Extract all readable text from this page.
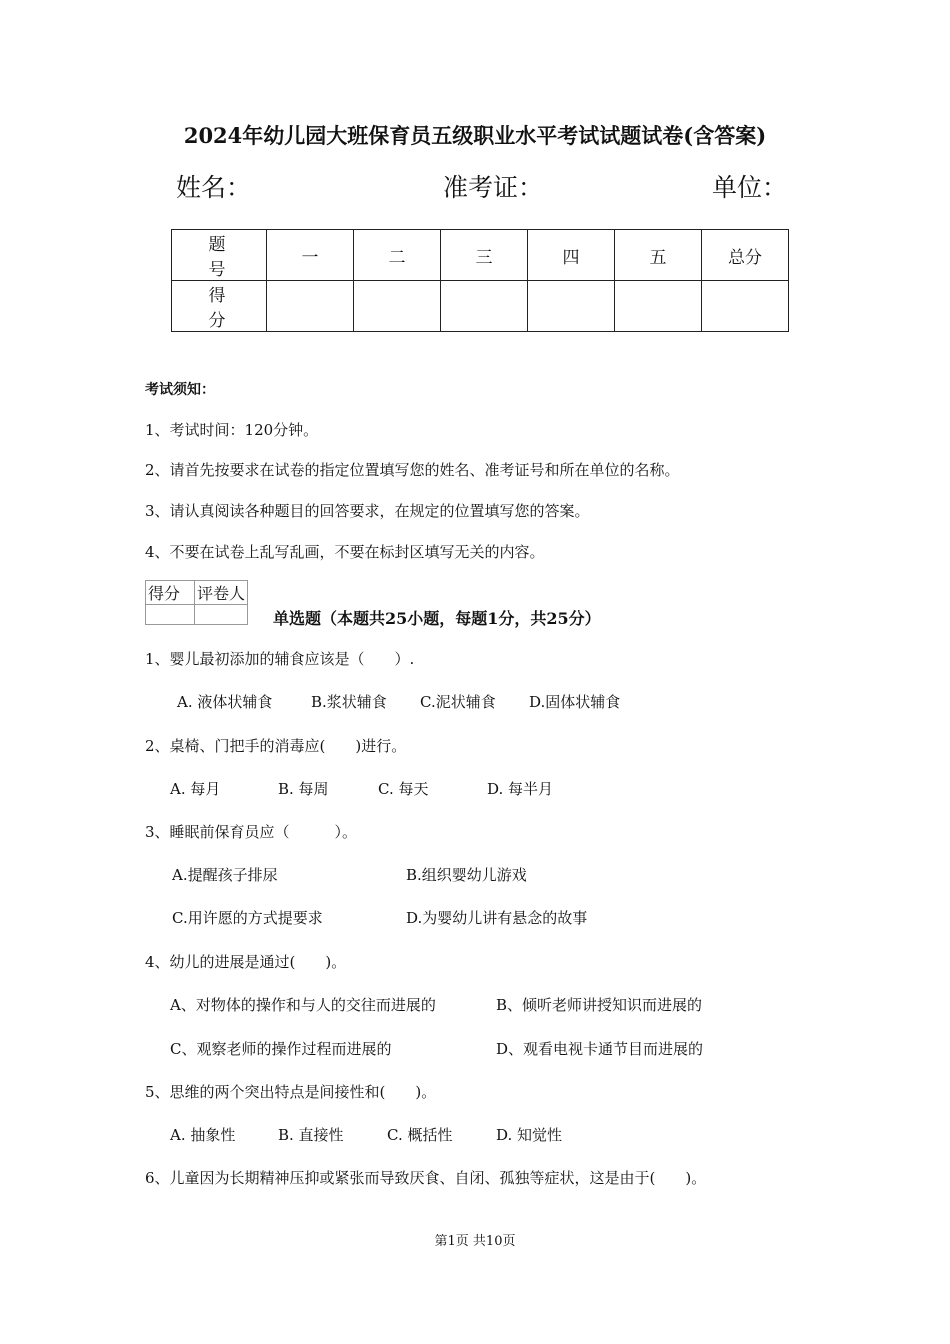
2024年幼儿园大班保育员五级职业水平考试试题试卷(含答案)
姓名：	准考证：	单位：
题　号	一	二	三	四	五	总分
得　分						
考试须知：
1、考试时间：120分钟。
2、请首先按要求在试卷的指定位置填写您的姓名、准考证号和所在单位的名称。
3、请认真阅读各种题目的回答要求，在规定的位置填写您的答案。
4、不要在试卷上乱写乱画，不要在标封区填写无关的内容。
得分	评卷人

单选题（本题共25小题，每题1分，共25分）
1、婴儿最初添加的辅食应该是（　　）.
A. 液体状辅食	B.浆状辅食 C.泥状辅食 D.固体状辅食
2、桌椅、门把手的消毒应(　　)进行。
A. 每月	B. 每周	C. 每天	D. 每半月
3、睡眠前保育员应（　　　）。
A.提醒孩子排尿	B.组织婴幼儿游戏
C.用许愿的方式提要求	D.为婴幼儿讲有悬念的故事
4、幼儿的进展是通过(　　)。
A、对物体的操作和与人的交往而进展的	B、倾听老师讲授知识而进展的
C、观察老师的操作过程而进展的	D、观看电视卡通节目而进展的
5、思维的两个突出特点是间接性和(　　)。
A. 抽象性	B. 直接性	C. 概括性	D. 知觉性
6、儿童因为长期精神压抑或紧张而导致厌食、自闭、孤独等症状，这是由于(　　)。
第1页 共10页
